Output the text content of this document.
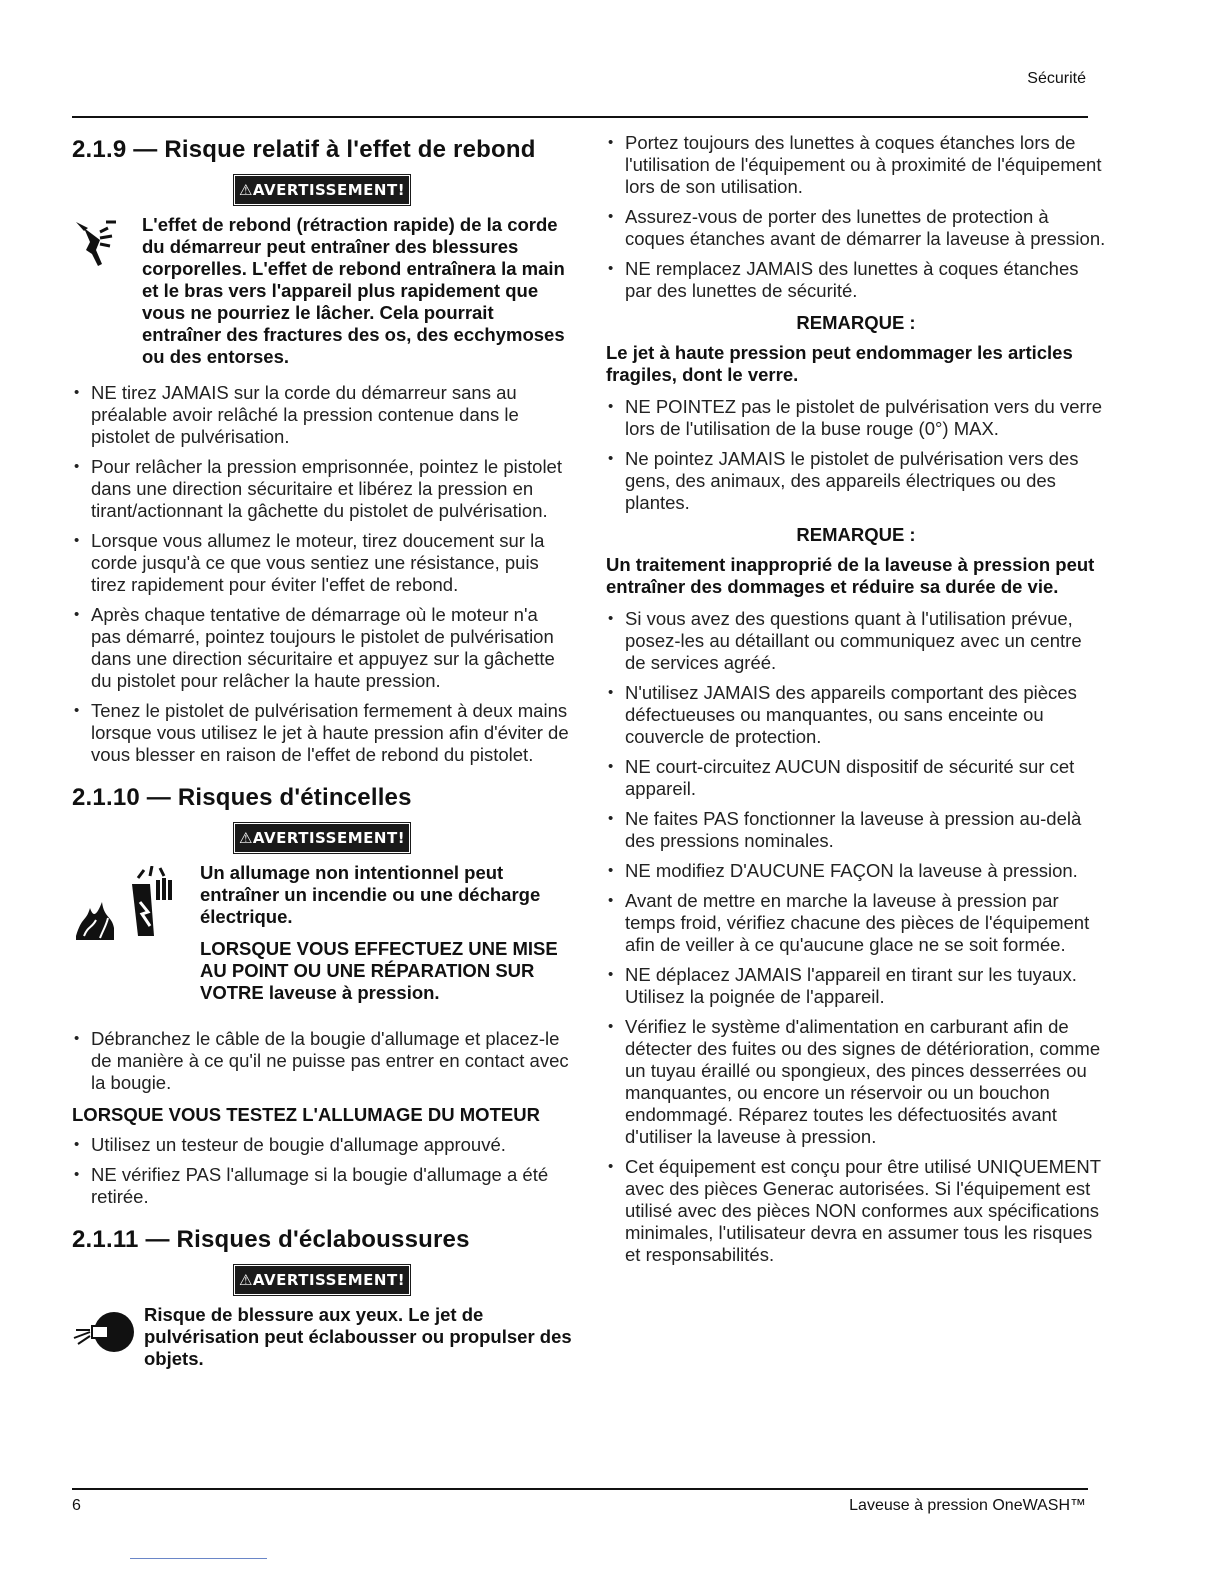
Sécurité
2.1.9 — Risque relatif à l'effet de rebond
⚠AVERTISSEMENT!
L'effet de rebond (rétraction rapide) de la corde du démarreur peut entraîner des blessures corporelles. L'effet de rebond entraînera la main et le bras vers l'appareil plus rapidement que vous ne pourriez le lâcher. Cela pourrait entraîner des fractures des os, des ecchymoses ou des entorses.
• NE tirez JAMAIS sur la corde du démarreur sans au préalable avoir relâché la pression contenue dans le pistolet de pulvérisation.
• Pour relâcher la pression emprisonnée, pointez le pistolet dans une direction sécuritaire et libérez la pression en tirant/actionnant la gâchette du pistolet de pulvérisation.
• Lorsque vous allumez le moteur, tirez doucement sur la corde jusqu'à ce que vous sentiez une résistance, puis tirez rapidement pour éviter l'effet de rebond.
• Après chaque tentative de démarrage où le moteur n'a pas démarré, pointez toujours le pistolet de pulvérisation dans une direction sécuritaire et appuyez sur la gâchette du pistolet pour relâcher la haute pression.
• Tenez le pistolet de pulvérisation fermement à deux mains lorsque vous utilisez le jet à haute pression afin d'éviter de vous blesser en raison de l'effet de rebond du pistolet.
2.1.10 — Risques d'étincelles
⚠AVERTISSEMENT!

Un allumage non intentionnel peut entraîner un incendie ou une décharge électrique.

LORSQUE VOUS EFFECTUEZ UNE MISE AU POINT OU UNE RÉPARATION SUR VOTRE laveuse à pression.

• Débranchez le câble de la bougie d'allumage et placez-le de manière à ce qu'il ne puisse pas entrer en contact avec la bougie.
LORSQUE VOUS TESTEZ L'ALLUMAGE DU MOTEUR
• Utilisez un testeur de bougie d'allumage approuvé.
• NE vérifiez PAS l'allumage si la bougie d'allumage a été retirée.
2.1.11 — Risques d'éclaboussures
⚠AVERTISSEMENT!
Risque de blessure aux yeux. Le jet de pulvérisation peut éclabousser ou propulser des objets.
• Portez toujours des lunettes à coques étanches lors de l'utilisation de l'équipement ou à proximité de l'équipement lors de son utilisation.
• Assurez-vous de porter des lunettes de protection à coques étanches avant de démarrer la laveuse à pression.
• NE remplacez JAMAIS des lunettes à coques étanches par des lunettes de sécurité.
REMARQUE :

Le jet à haute pression peut endommager les articles fragiles, dont le verre.

• NE POINTEZ pas le pistolet de pulvérisation vers du verre lors de l'utilisation de la buse rouge (0°) MAX.
• Ne pointez JAMAIS le pistolet de pulvérisation vers des gens, des animaux, des appareils électriques ou des plantes.
REMARQUE :

Un traitement inapproprié de la laveuse à pression peut entraîner des dommages et réduire sa durée de vie.

• Si vous avez des questions quant à l'utilisation prévue, posez-les au détaillant ou communiquez avec un centre de services agréé.
• N'utilisez JAMAIS des appareils comportant des pièces défectueuses ou manquantes, ou sans enceinte ou couvercle de protection.
• NE court-circuitez AUCUN dispositif de sécurité sur cet appareil.
• Ne faites PAS fonctionner la laveuse à pression au-delà des pressions nominales.
• NE modifiez D'AUCUNE FAÇON la laveuse à pression.
• Avant de mettre en marche la laveuse à pression par temps froid, vérifiez chacune des pièces de l'équipement afin de veiller à ce qu'aucune glace ne se soit formée.
• NE déplacez JAMAIS l'appareil en tirant sur les tuyaux. Utilisez la poignée de l'appareil.
• Vérifiez le système d'alimentation en carburant afin de détecter des fuites ou des signes de détérioration, comme un tuyau éraillé ou spongieux, des pinces desserrées ou manquantes, ou encore un réservoir ou un bouchon endommagé. Réparez toutes les défectuosités avant d'utiliser la laveuse à pression.
• Cet équipement est conçu pour être utilisé UNIQUEMENT avec des pièces Generac autorisées. Si l'équipement est utilisé avec des pièces NON conformes aux spécifications minimales, l'utilisateur devra en assumer tous les risques et responsabilités.
6	Laveuse à pression OneWASH™
